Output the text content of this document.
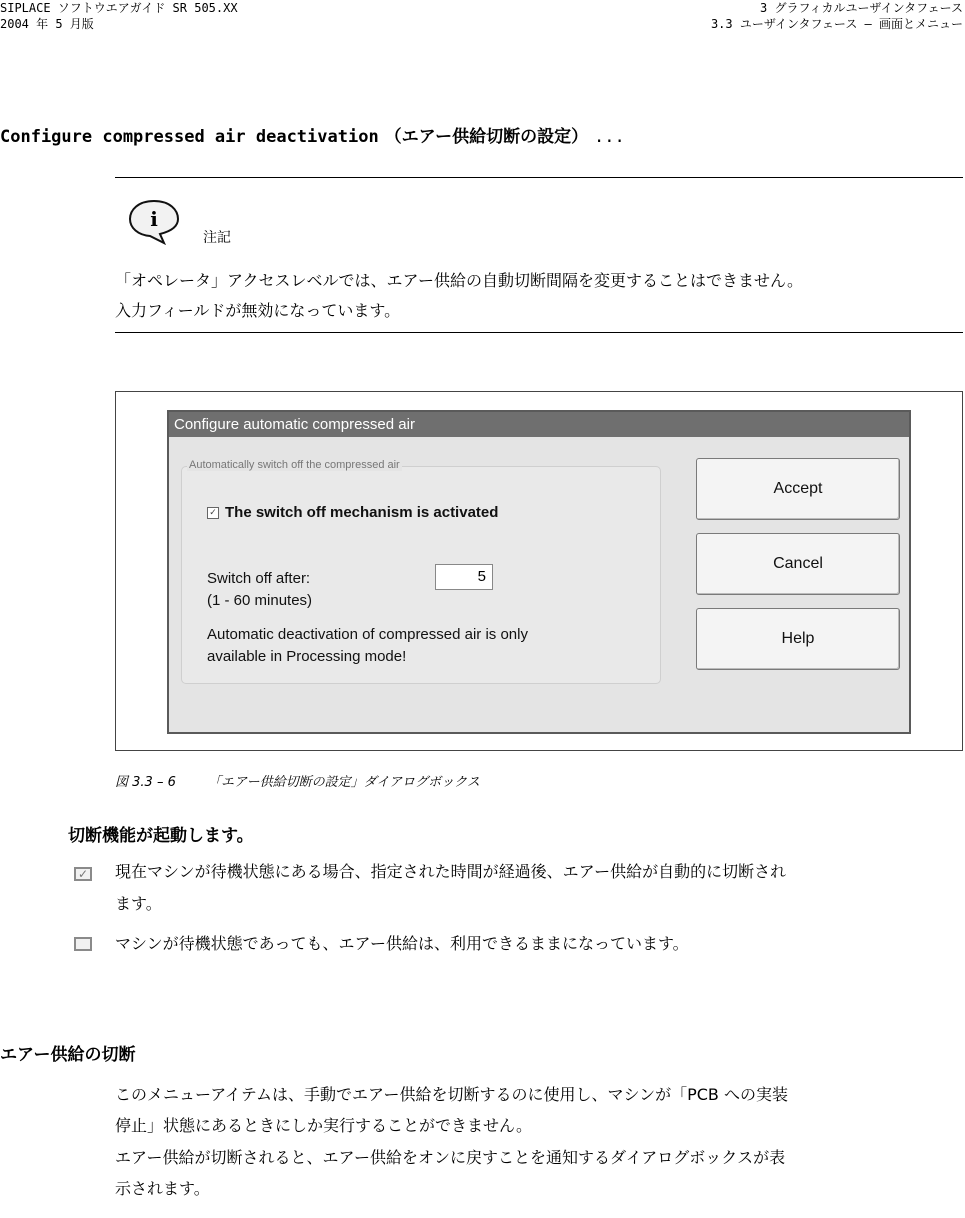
SIPLACE ソフトウエアガイド SR 505.XX
2004 年 5 月版
3 グラフィカルユーザインタフェース
3.3 ユーザインタフェース – 画面とメニュー
Configure compressed air deactivation （エアー供給切断の設定） ...
i
注記
「オペレータ」アクセスレベルでは、エアー供給の自動切断間隔を変更することはできません。
入力フィールドが無効になっています。
Configure automatic compressed air
Automatically switch off the compressed air
✓ The switch off mechanism is activated
Switch off after:
(1 - 60 minutes)
5
Automatic deactivation of compressed air is only
available in Processing mode!
Accept
Cancel
Help
図 3.3 – 6 「エアー供給切断の設定」ダイアログボックス
切断機能が起動します。
✓ 現在マシンが待機状態にある場合、指定された時間が経過後、エアー供給が自動的に切断され
ます。
マシンが待機状態であっても、エアー供給は、利用できるままになっています。
エアー供給の切断
このメニューアイテムは、手動でエアー供給を切断するのに使用し、マシンが「PCB への実装
停止」状態にあるときにしか実行することができません。
エアー供給が切断されると、エアー供給をオンに戻すことを通知するダイアログボックスが表
示されます。
